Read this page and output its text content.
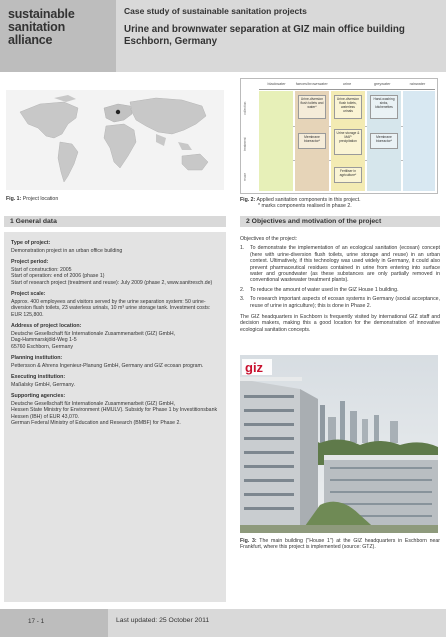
sustainable
sanitation
alliance
Case study of sustainable sanitation projects
Urine and brownwater separation at GIZ main office building
Eschborn, Germany
Fig. 1: Project location
blackwater	faeces/brownwater	urine	greywater	rainwater
collection
treatment
reuse
Urine-diversion flush toilets and water*
Urine-diversion flush toilets, waterless urinals
Hand-washing sinks, kitchenettes
Membrane bioreactor*
Urine storage & MAP precipitation
Membrane bioreactor*
Fertiliser in agriculture*
Fig. 2: Applied sanitation components in this project.
* marks components realised in phase 2.
1 General data	2 Objectives and motivation of the project
Type of project:
Demonstration project in an urban office building
Project period:
Start of construction: 2005
Start of operation: end of 2006 (phase 1)
Start of research project (treatment and reuse): July 2009 (phase 2, www.sanitresch.de)
Project scale:
Approx. 400 employees and visitors served by the urine separation system: 50 urine-diversion flush toilets, 23 waterless urinals, 10 m³ urine storage tank. Investment costs: EUR 125,800.
Address of project location:
Deutsche Gesellschaft für Internationale Zusammenarbeit (GIZ) GmbH,
Dag-Hammarskjöld-Weg 1-5
65760 Eschborn, Germany
Planning institution:
Pettersson & Ahrens Ingenieur-Planung GmbH, Germany and GIZ ecosan program.
Executing institution:
Maßalsky GmbH, Germany.
Supporting agencies:
Deutsche Gesellschaft für Internationale Zusammenarbeit (GIZ) GmbH,
Hessen State Ministry for Environment (HMULV). Subsidy for Phase 1 by Investitionsbank Hessen (IBH) of EUR 43,070.
German Federal Ministry of Education and Research (BMBF) for Phase 2.
Objectives of the project:
1.	To demonstrate the implementation of an ecological sanitation (ecosan) concept (here with urine-diversion flush toilets, urine storage and reuse) in an urban context. Ultimatively, if this technology was used widely in Germany, it could also prevent pharmaceutical residues contained in urine from entering into surface water and groundwater (as these substances are only partially removed in conventional wastewater treatment plants).
2.	To reduce the amount of water used in the GIZ House 1 building.
3.	To research important aspects of ecosan systems in Germany (social acceptance, reuse of urine in agriculture); this is done in Phase 2.
The GIZ headquarters in Eschborn is frequently visited by international GIZ staff and decision makers, making this a good location for the demonstration of innovative ecological sanitation concepts.
giz
Fig. 3: The main building ("House 1") at the GIZ headquarters in Eschborn near Frankfurt, where this project is implemented (source: GTZ).
17 - 1	Last updated: 25 October 2011
